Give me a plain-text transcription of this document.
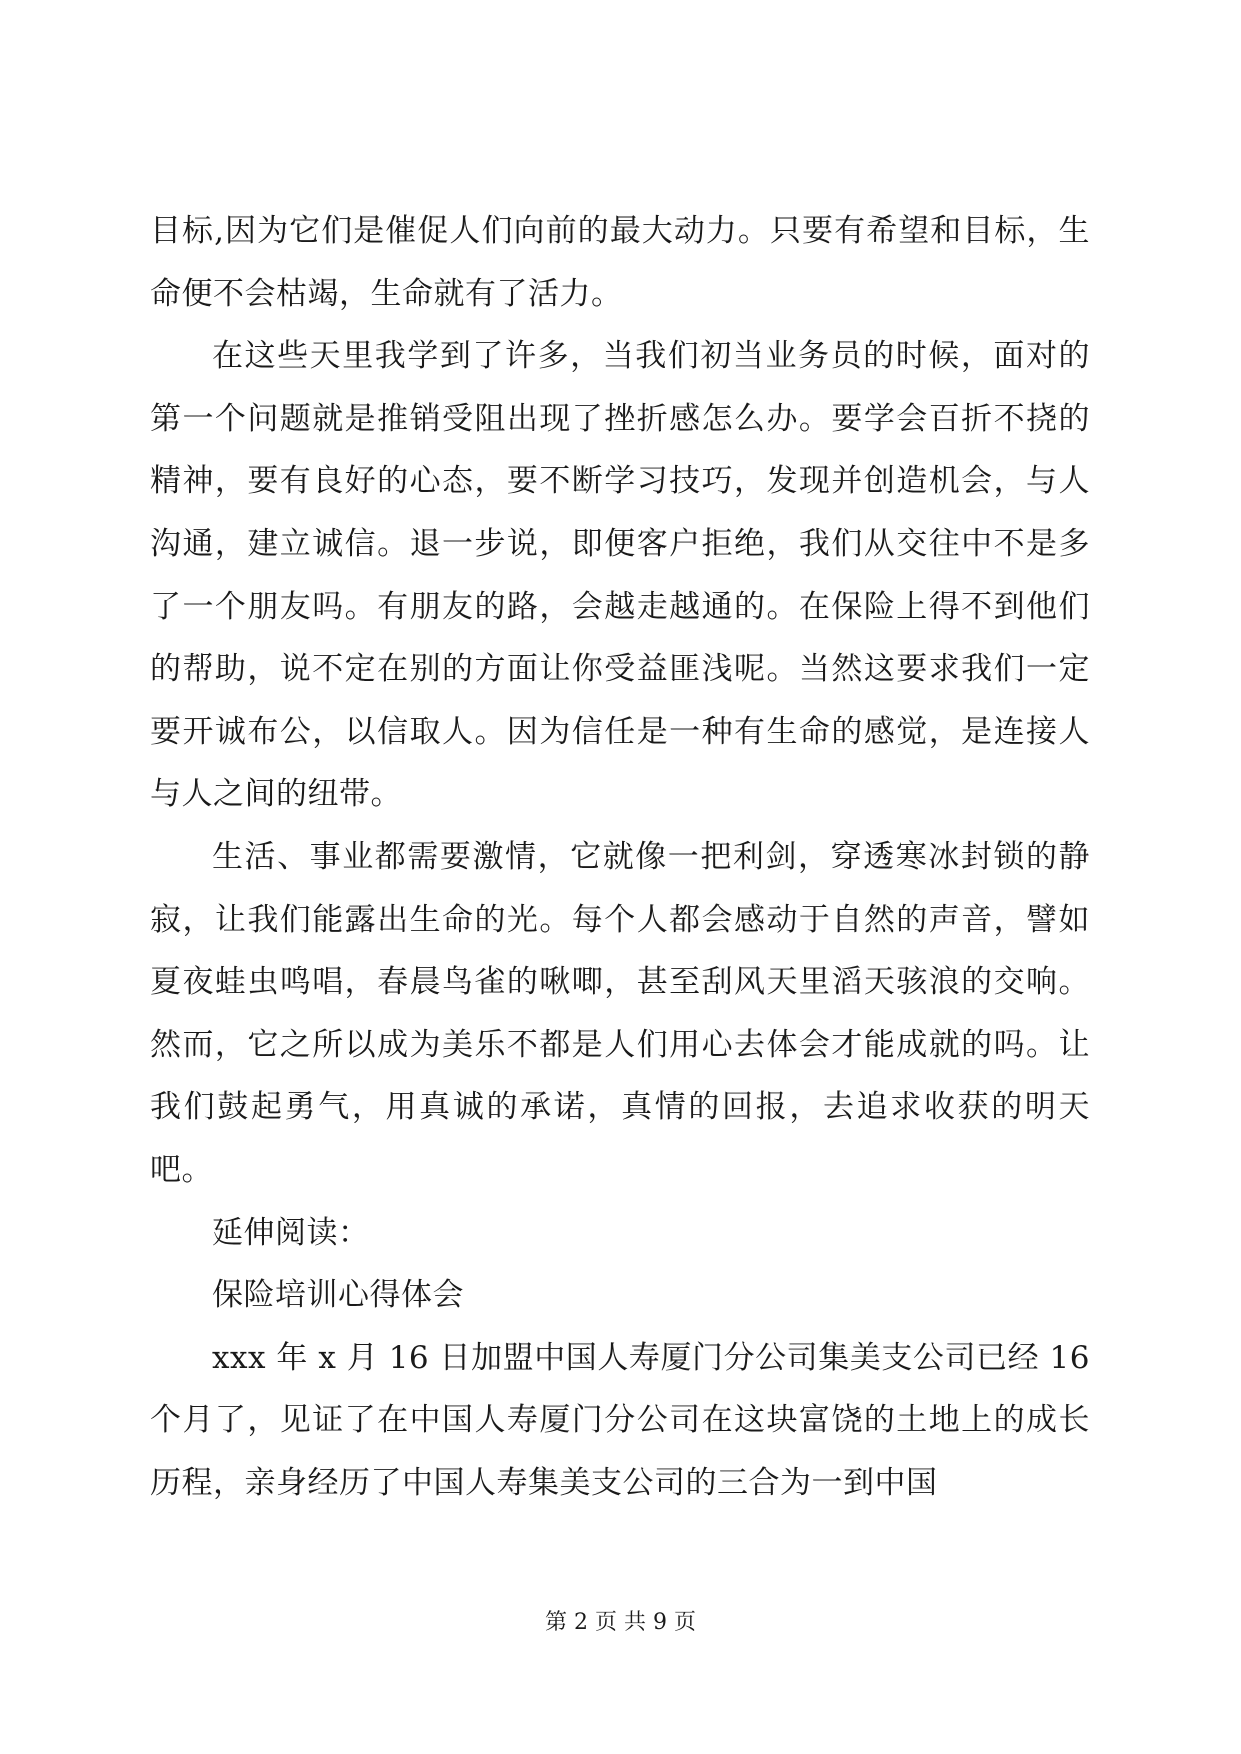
目标,因为它们是催促人们向前的最大动力。只要有希望和目标，生命便不会枯竭，生命就有了活力。

在这些天里我学到了许多，当我们初当业务员的时候，面对的第一个问题就是推销受阻出现了挫折感怎么办。要学会百折不挠的精神，要有良好的心态，要不断学习技巧，发现并创造机会，与人沟通，建立诚信。退一步说，即便客户拒绝，我们从交往中不是多了一个朋友吗。有朋友的路，会越走越通的。在保险上得不到他们的帮助，说不定在别的方面让你受益匪浅呢。当然这要求我们一定要开诚布公，以信取人。因为信任是一种有生命的感觉，是连接人与人之间的纽带。

生活、事业都需要激情，它就像一把利剑，穿透寒冰封锁的静寂，让我们能露出生命的光。每个人都会感动于自然的声音，譬如夏夜蛙虫鸣唱，春晨鸟雀的啾唧，甚至刮风天里滔天骇浪的交响。然而，它之所以成为美乐不都是人们用心去体会才能成就的吗。让我们鼓起勇气，用真诚的承诺，真情的回报，去追求收获的明天吧。

延伸阅读：

保险培训心得体会

xxx 年 x 月 16 日加盟中国人寿厦门分公司集美支公司已经 16 个月了，见证了在中国人寿厦门分公司在这块富饶的土地上的成长历程，亲身经历了中国人寿集美支公司的三合为一到中国

第 2 页 共 9 页
